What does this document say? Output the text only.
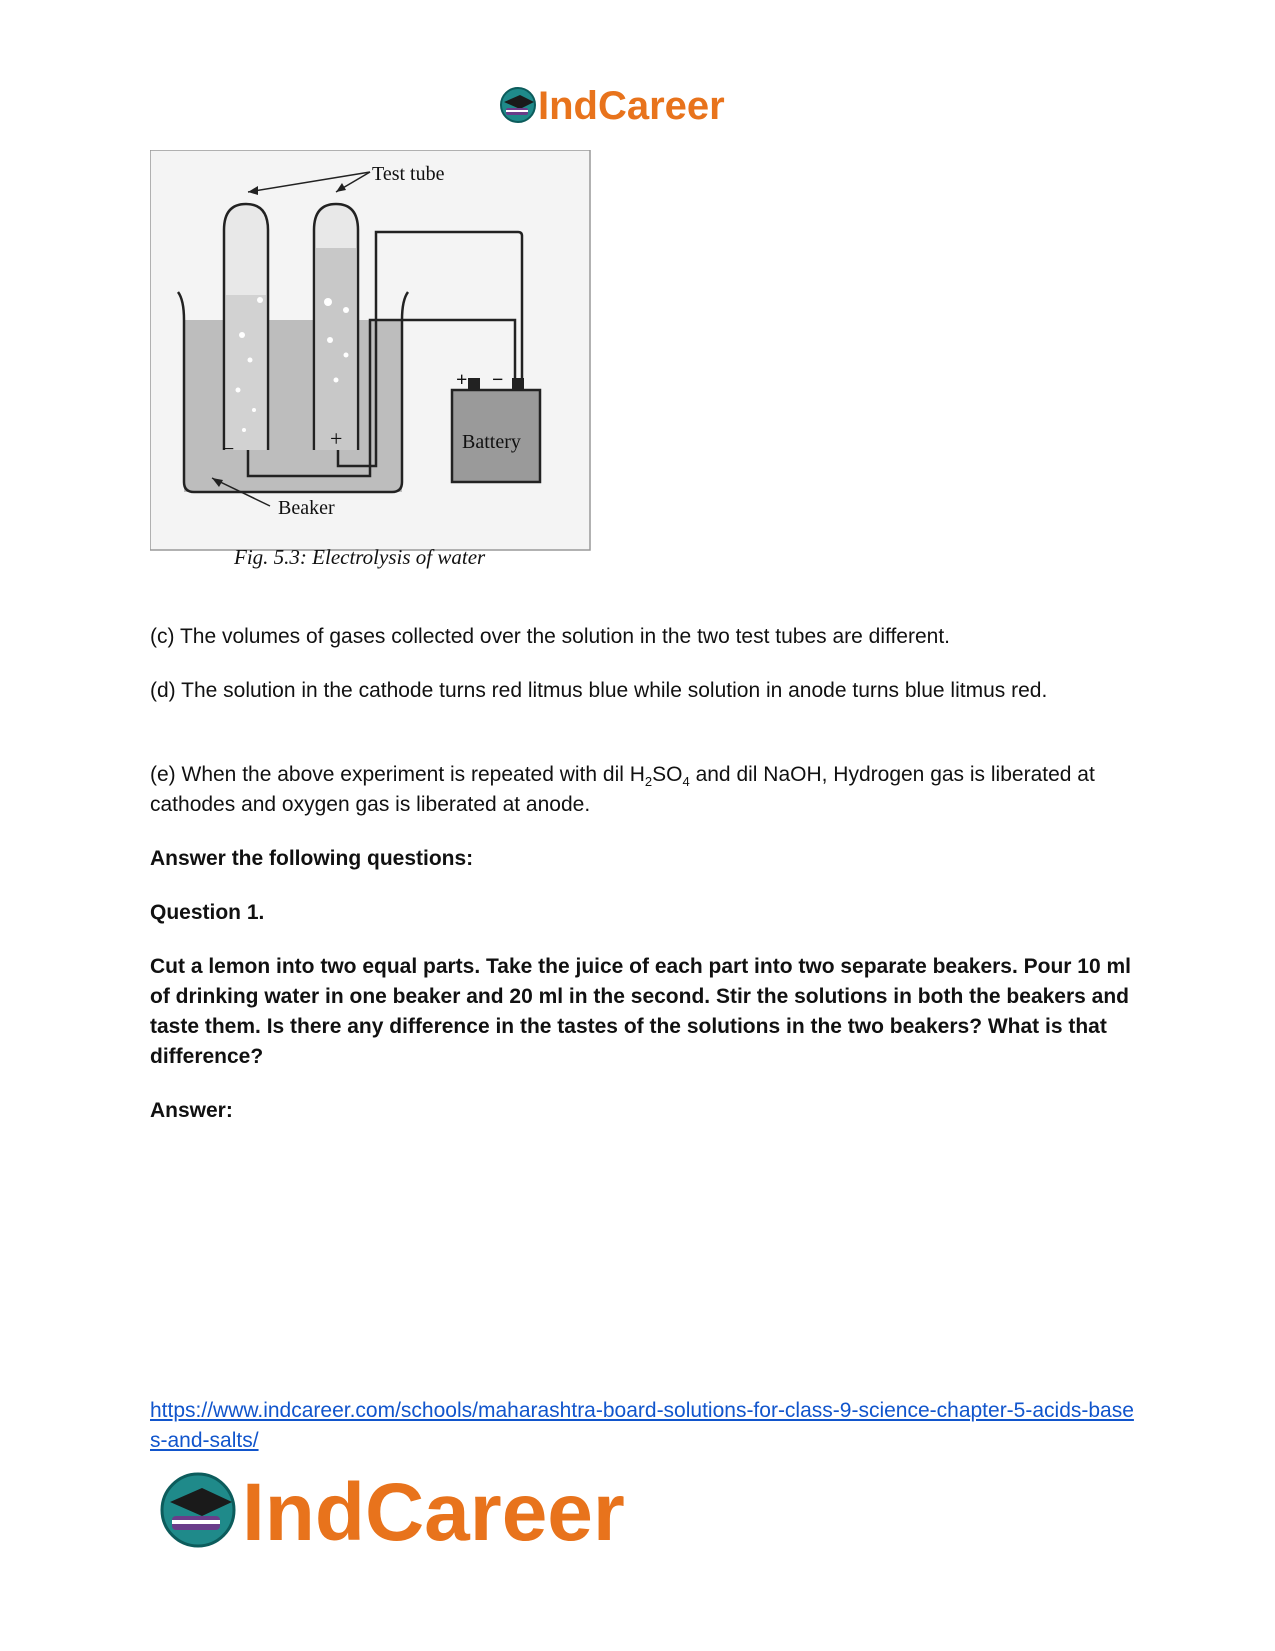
IndCareer
+ −
Battery
−	+
Test tube
Beaker
Fig. 5.3: Electrolysis of water

(c) The volumes of gases collected over the solution in the two test tubes are different.

(d) The solution in the cathode turns red litmus blue while solution in anode turns blue litmus red.

(e) When the above experiment is repeated with dil $H_2SO_4$ and dil NaOH, Hydrogen gas is liberated at cathodes and oxygen gas is liberated at anode.

Answer the following questions:

Question 1.

Cut a lemon into two equal parts. Take the juice of each part into two separate beakers. Pour 10 ml of drinking water in one beaker and 20 ml in the second. Stir the solutions in both the beakers and taste them. Is there any difference in the tastes of the solutions in the two beakers? What is that difference?

Answer:

https://www.indcareer.com/schools/maharashtra-board-solutions-for-class-9-science-chapter-5-acids-bases-and-salts/
IndCareer
